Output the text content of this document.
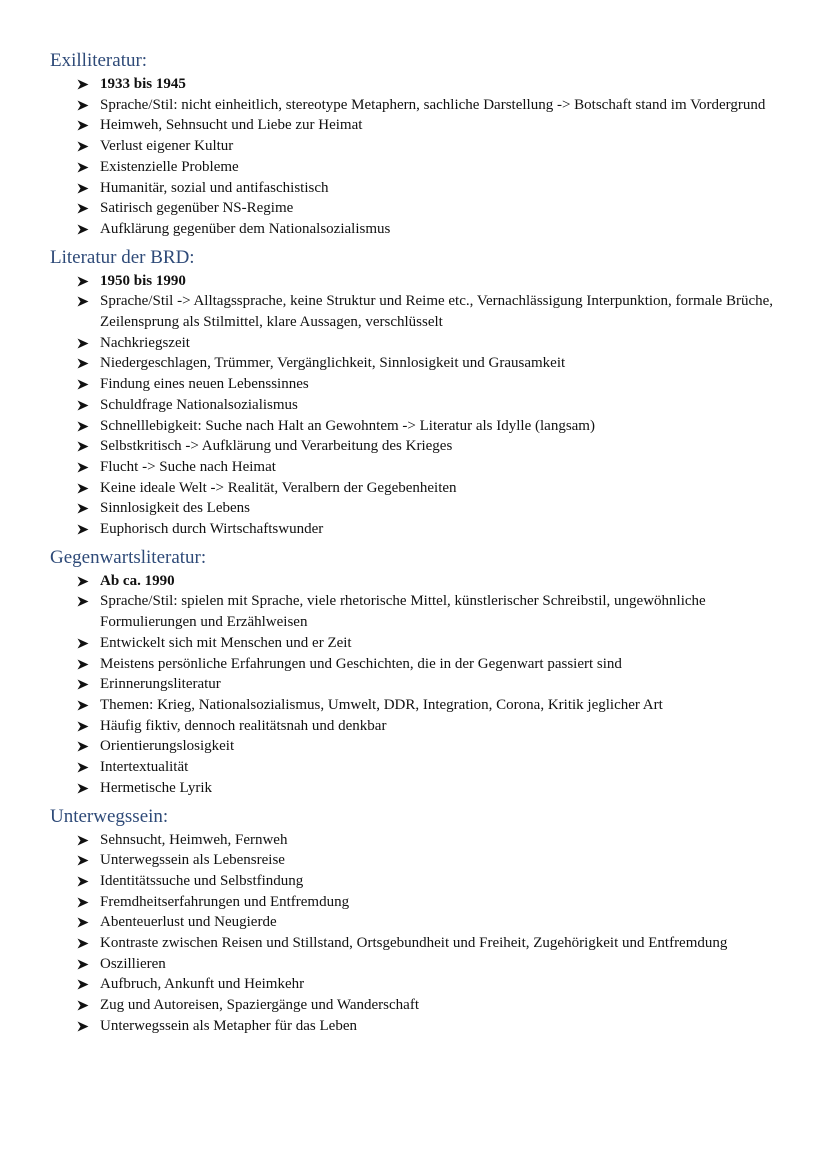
Exilliteratur:
1933 bis 1945
Sprache/Stil: nicht einheitlich, stereotype Metaphern, sachliche Darstellung -> Botschaft stand im Vordergrund
Heimweh, Sehnsucht und Liebe zur Heimat
Verlust eigener Kultur
Existenzielle Probleme
Humanitär, sozial und antifaschistisch
Satirisch gegenüber NS-Regime
Aufklärung gegenüber dem Nationalsozialismus
Literatur der BRD:
1950 bis 1990
Sprache/Stil -> Alltagssprache, keine Struktur und Reime etc., Vernachlässigung Interpunktion, formale Brüche, Zeilensprung als Stilmittel, klare Aussagen, verschlüsselt
Nachkriegszeit
Niedergeschlagen, Trümmer, Vergänglichkeit, Sinnlosigkeit und Grausamkeit
Findung eines neuen Lebenssinnes
Schuldfrage Nationalsozialismus
Schnelllebigkeit: Suche nach Halt an Gewohntem -> Literatur als Idylle (langsam)
Selbstkritisch -> Aufklärung und Verarbeitung des Krieges
Flucht -> Suche nach Heimat
Keine ideale Welt -> Realität, Veralbern der Gegebenheiten
Sinnlosigkeit des Lebens
Euphorisch durch Wirtschaftswunder
Gegenwartsliteratur:
Ab ca. 1990
Sprache/Stil: spielen mit Sprache, viele rhetorische Mittel, künstlerischer Schreibstil, ungewöhnliche Formulierungen und Erzählweisen
Entwickelt sich mit Menschen und er Zeit
Meistens persönliche Erfahrungen und Geschichten, die in der Gegenwart passiert sind
Erinnerungsliteratur
Themen: Krieg, Nationalsozialismus, Umwelt, DDR, Integration, Corona, Kritik jeglicher Art
Häufig fiktiv, dennoch realitätsnah und denkbar
Orientierungslosigkeit
Intertextualität
Hermetische Lyrik
Unterwegssein:
Sehnsucht, Heimweh, Fernweh
Unterwegssein als Lebensreise
Identitätssuche und Selbstfindung
Fremdheitserfahrungen und Entfremdung
Abenteuerlust und Neugierde
Kontraste zwischen Reisen und Stillstand, Ortsgebundheit und Freiheit, Zugehörigkeit und Entfremdung
Oszillieren
Aufbruch, Ankunft und Heimkehr
Zug und Autoreisen, Spaziergänge und Wanderschaft
Unterwegssein als Metapher für das Leben
